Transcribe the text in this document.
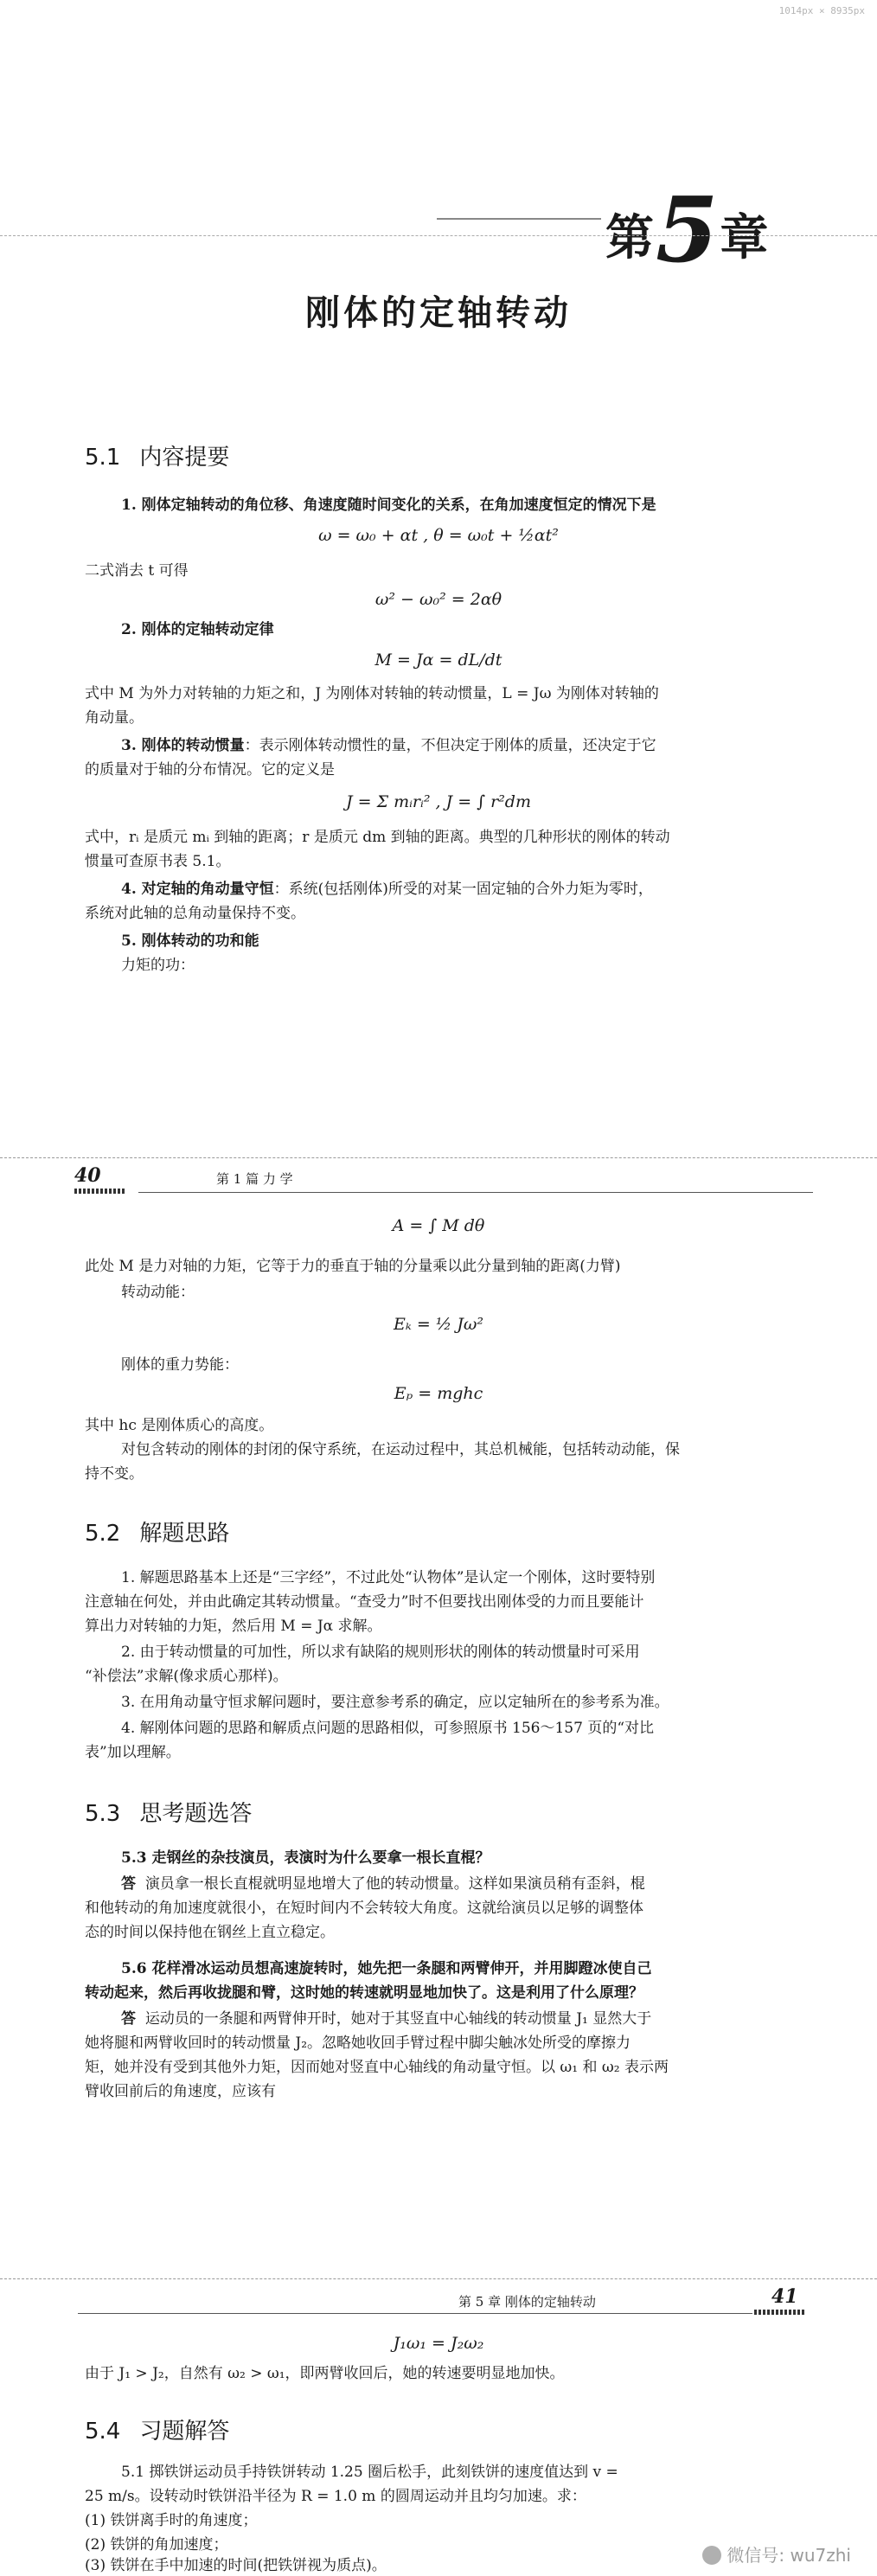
1014px × 8935px
第5章
刚体的定轴转动
5.1 内容提要
1. 刚体定轴转动的角位移、角速度随时间变化的关系，在角加速度恒定的情况下是
ω = ω₀ + αt , θ = ω₀t + ½αt²
二式消去 t 可得
ω² − ω₀² = 2αθ
2. 刚体的定轴转动定律
M = Jα = dL/dt
式中 M 为外力对转轴的力矩之和，J 为刚体对转轴的转动惯量，L = Jω 为刚体对转轴的
角动量。
3. 刚体的转动惯量：表示刚体转动惯性的量，不但决定于刚体的质量，还决定于它
的质量对于轴的分布情况。它的定义是
J = Σ mᵢrᵢ² , J = ∫ r²dm
式中，rᵢ 是质元 mᵢ 到轴的距离；r 是质元 dm 到轴的距离。典型的几种形状的刚体的转动
惯量可查原书表 5.1。
4. 对定轴的角动量守恒：系统(包括刚体)所受的对某一固定轴的合外力矩为零时，
系统对此轴的总角动量保持不变。
5. 刚体转动的功和能
力矩的功：
40	第 1 篇 力 学
A = ∫ M dθ
此处 M 是力对轴的力矩，它等于力的垂直于轴的分量乘以此分量到轴的距离(力臂)
转动动能：
Eₖ = ½ Jω²
刚体的重力势能：
Eₚ = mghc
其中 hc 是刚体质心的高度。
对包含转动的刚体的封闭的保守系统，在运动过程中，其总机械能，包括转动动能，保
持不变。
5.2 解题思路
1. 解题思路基本上还是“三字经”，不过此处“认物体”是认定一个刚体，这时要特别
注意轴在何处，并由此确定其转动惯量。“查受力”时不但要找出刚体受的力而且要能计
算出力对转轴的力矩，然后用 M = Jα 求解。
2. 由于转动惯量的可加性，所以求有缺陷的规则形状的刚体的转动惯量时可采用
“补偿法”求解(像求质心那样)。
3. 在用角动量守恒求解问题时，要注意参考系的确定，应以定轴所在的参考系为准。
4. 解刚体问题的思路和解质点问题的思路相似，可参照原书 156～157 页的“对比
表”加以理解。
5.3 思考题选答
5.3 走钢丝的杂技演员，表演时为什么要拿一根长直棍？
答 演员拿一根长直棍就明显地增大了他的转动惯量。这样如果演员稍有歪斜，棍
和他转动的角加速度就很小，在短时间内不会转较大角度。这就给演员以足够的调整体
态的时间以保持他在钢丝上直立稳定。
5.6 花样滑冰运动员想高速旋转时，她先把一条腿和两臂伸开，并用脚蹬冰使自己
转动起来，然后再收拢腿和臂，这时她的转速就明显地加快了。这是利用了什么原理？
答 运动员的一条腿和两臂伸开时，她对于其竖直中心轴线的转动惯量 J₁ 显然大于
她将腿和两臂收回时的转动惯量 J₂。忽略她收回手臂过程中脚尖触冰处所受的摩擦力
矩，她并没有受到其他外力矩，因而她对竖直中心轴线的角动量守恒。以 ω₁ 和 ω₂ 表示两
臂收回前后的角速度，应该有
第 5 章 刚体的定轴转动	41
J₁ω₁ = J₂ω₂
由于 J₁ > J₂，自然有 ω₂ > ω₁，即两臂收回后，她的转速要明显地加快。
5.4 习题解答
5.1 掷铁饼运动员手持铁饼转动 1.25 圈后松手，此刻铁饼的速度值达到 v =
25 m/s。设转动时铁饼沿半径为 R = 1.0 m 的圆周运动并且均匀加速。求：
(1) 铁饼离手时的角速度；
(2) 铁饼的角加速度；
(3) 铁饼在手中加速的时间(把铁饼视为质点)。	微信号: wu7zhi
